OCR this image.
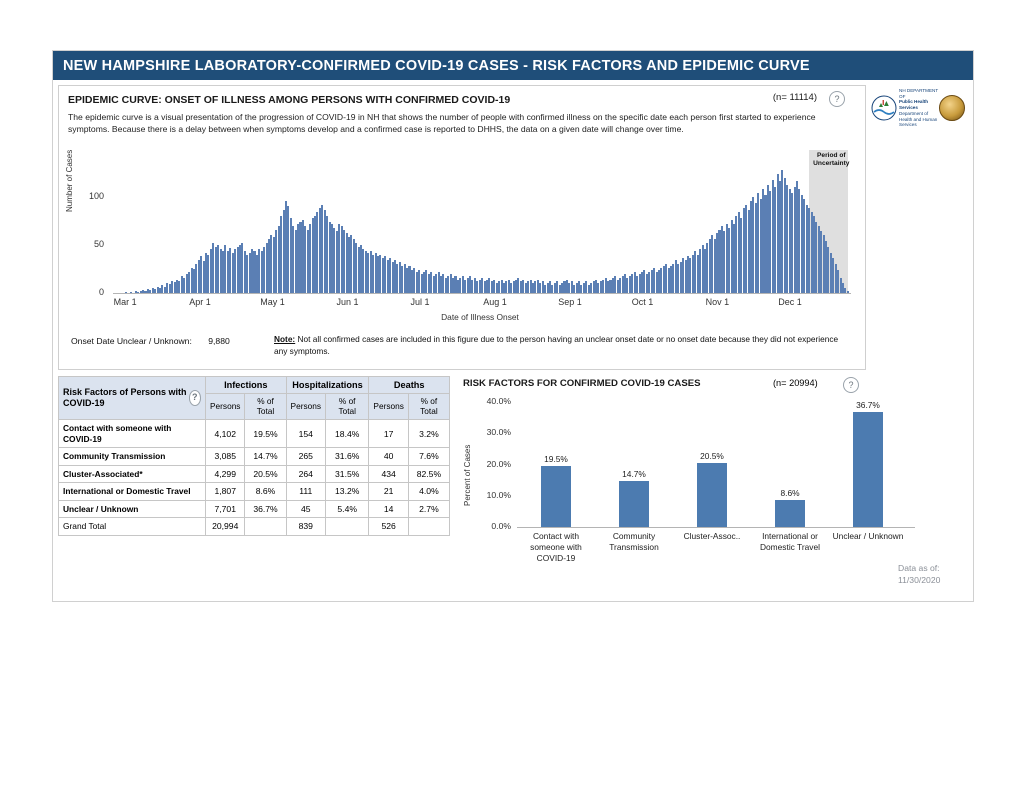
NEW HAMPSHIRE LABORATORY-CONFIRMED COVID-19 CASES - RISK FACTORS AND EPIDEMIC CURVE
EPIDEMIC CURVE: ONSET OF ILLNESS AMONG PERSONS WITH CONFIRMED COVID-19	(n= 11114)	?
The epidemic curve is a visual presentation of the progression of COVID-19 in NH that shows the number of people with confirmed illness on the specific date each person first started to experience symptoms. Because there is a delay between when symptoms develop and a confirmed case is reported to DHHS, the data on a given date will change over time.
Number of Cases
0
50
100
Period of Uncertainty
Mar 1	Apr 1	May 1	Jun 1	Jul 1	Aug 1	Sep 1	Oct 1	Nov 1	Dec 1
Date of Illness Onset
Onset Date Unclear / Unknown: 9,880	Note: Not all confirmed cases are included in this figure due to the person having an unclear onset date or no onset date because they did not experience any symptoms.
NH DEPARTMENT OF
Public Health Services
Department of Health and Human Services
Risk Factors of Persons with COVID-19
?	Infections		Hospitalizations		Deaths	
	Persons	% of Total	Persons	% of Total	Persons	% of Total
Contact with someone with COVID-19	4,102	19.5%	154	18.4%	17	3.2%
Community Transmission	3,085	14.7%	265	31.6%	40	7.6%
Cluster-Associated*	4,299	20.5%	264	31.5%	434	82.5%
International or Domestic Travel	1,807	8.6%	111	13.2%	21	4.0%
Unclear / Unknown	7,701	36.7%	45	5.4%	14	2.7%
Grand Total	20,994		839		526	
RISK FACTORS FOR CONFIRMED COVID-19 CASES	(n= 20994)	?
Percent of Cases
0.0%
10.0%
20.0%
30.0%
40.0%
19.5%
14.7%
20.5%
8.6%
36.7%
Contact with someone with COVID-19
Community Transmission
Cluster-Assoc..	International or Domestic Travel
Unclear / Unknown
Data as of:
11/30/2020
